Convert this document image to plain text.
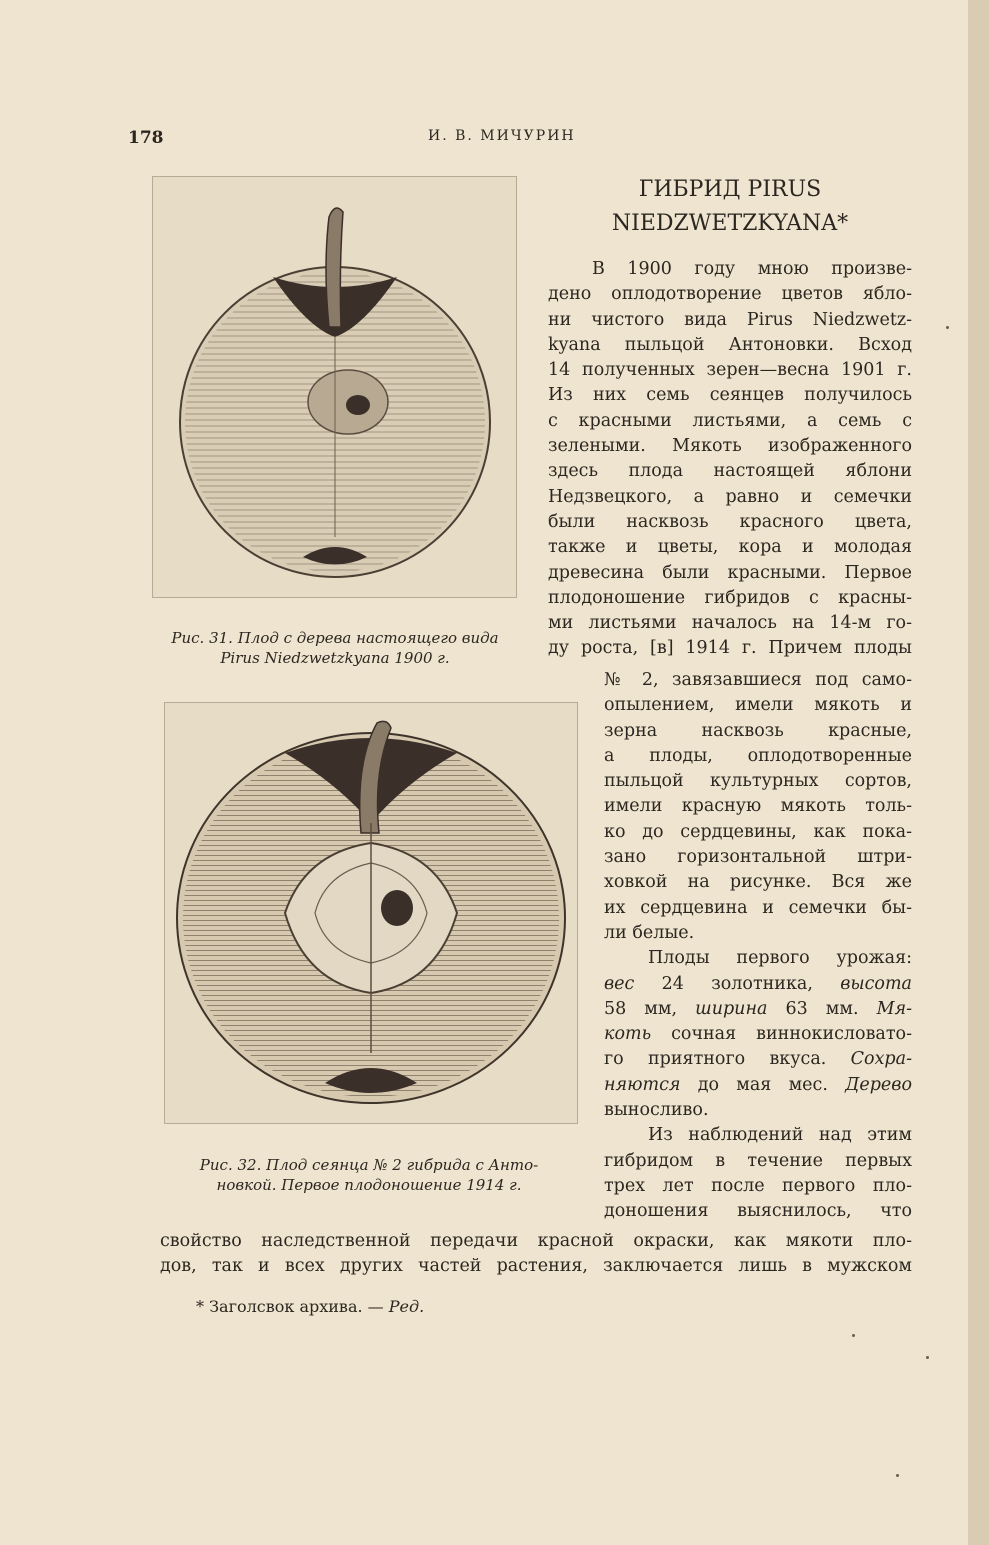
178	И. В. МИЧУРИН
Рис. 31. Плод с дерева настоящего вида
Pirus Niedzwetzkyana 1900 г.
Рис. 32. Плод сеянца № 2 гибрида с Анто-
новкой. Первое плодоношение 1914 г.
ГИБРИД PIRUS
NIEDZWETZKYANA*
В 1900 году мною произве-
дено оплодотворение цветов ябло-
ни чистого вида Pirus Niedzwetz-
kyana пыльцой Антоновки. Всход
14 полученных зерен—весна 1901 г.
Из них семь сеянцев получилось
с красными листьями, а семь с
зелеными. Мякоть изображенного
здесь плода настоящей яблони
Недзвецкого, а равно и семечки
были насквозь красного цвета,
также и цветы, кора и молодая
древесина были красными. Первое
плодоношение гибридов с красны-
ми листьями началось на 14-м го-
ду роста, [в] 1914 г. Причем плоды
№ 2, завязавшиеся под само-
опылением, имели мякоть и
зерна насквозь красные,
а плоды, оплодотворенные
пыльцой культурных сортов,
имели красную мякоть толь-
ко до сердцевины, как пока-
зано горизонтальной штри-
ховкой на рисунке. Вся же
их сердцевина и семечки бы-
ли белые.
Плоды первого урожая:
вес 24 золотника, высота
58 мм, ширина 63 мм. Мя-
коть сочная виннокисловато-
го приятного вкуса. Сохра-
няются до мая мес. Дерево
выносливо.
Из наблюдений над этим
гибридом в течение первых
трех лет после первого пло-
доношения выяснилось, что
свойство наследственной передачи красной окраски, как мякоти пло-
дов, так и всех других частей растения, заключается лишь в мужском
* Заголсвок архива. — Ред.
